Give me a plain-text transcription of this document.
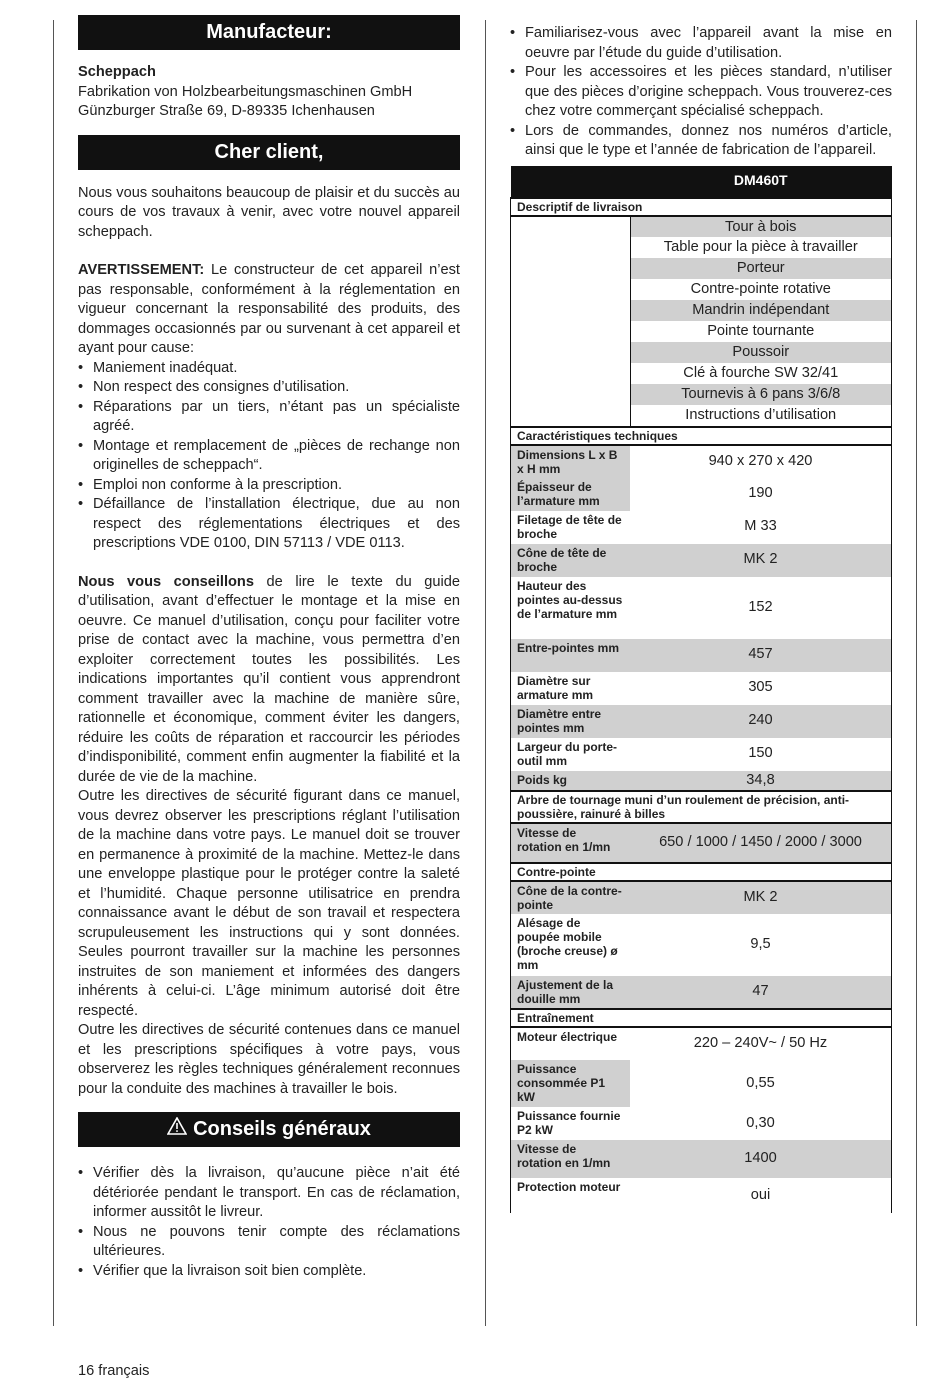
Manufacteur:
Scheppach
Fabrikation von Holzbearbeitungsmaschinen GmbH
Günzburger Straße 69, D-89335 Ichenhausen
Cher client,

Nous vous souhaitons beaucoup de plaisir et du succès au cours de vos travaux à venir, avec votre nouvel appareil scheppach.

AVERTISSEMENT: Le constructeur de cet appareil n’est pas responsable, conformément à la réglementation en vigueur concernant la responsabilité des produits, des dommages occasionnés par ou survenant à cet appareil et ayant pour cause:

• Maniement inadéquat.
• Non respect des consignes d’utilisation.
• Réparations par un tiers, n’étant pas un spécialiste agréé.
• Montage et remplacement de „pièces de rechange non originelles de scheppach“.
• Emploi non conforme à la prescription.
• Défaillance de l’installation électrique, due au non respect des réglementations électriques et des prescriptions VDE 0100, DIN 57113 / VDE 0113.

Nous vous conseillons de lire le texte du guide d’utilisation, avant d’effectuer le montage et la mise en oeuvre. Ce manuel d’utilisation, conçu pour faciliter votre prise de contact avec la machine, vous permettra d’en exploiter correctement toutes les possibilités. Les indications importantes qu’il contient vous apprendront comment travailler avec la machine de manière sûre, rationnelle et économique, comment éviter les dangers, réduire les coûts de réparation et raccourcir les périodes d’indisponibilité, comment enfin augmenter la fiabilité et la durée de vie de la machine.

Outre les directives de sécurité figurant dans ce manuel, vous devrez observer les prescriptions réglant l’utilisation de la machine dans votre pays. Le manuel doit se trouver en permanence à proximité de la machine. Mettez-le dans une enveloppe plastique pour le protéger contre la saleté et l’humidité. Chaque personne utilisatrice en prendra connaissance avant le début de son travail et respectera scrupuleusement les instructions qui y sont données. Seules pourront travailler sur la machine les personnes instruites de son maniement et informées des dangers inhérents à celui-ci. L’âge minimum autorisé doit être respecté.

Outre les directives de sécurité contenues dans ce manuel et les prescriptions spécifiques à votre pays, vous observerez les règles techniques généralement reconnues pour la conduite des machines à travailler le bois.

Conseils généraux
• Vérifier dès la livraison, qu’aucune pièce n’ait été détériorée pendant le transport. En cas de réclamation, informer aussitôt le livreur.
• Nous ne pouvons tenir compte des réclamations ultérieures.
• Vérifier que la livraison soit bien complète.
• Familiarisez-vous avec l’appareil avant la mise en oeuvre par l’étude du guide d’utilisation.
• Pour les accessoires et les pièces standard, n’utiliser que des pièces d’origine scheppach. Vous trouverez-ces chez votre commerçant spécialisé scheppach.
• Lors de commandes, donnez nos numéros d’article, ainsi que le type et l’année de fabrication de l’appareil.
	DM460T
Descriptif de livraison	
	Tour à bois
	Table pour la pièce à travailler
	Porteur
	Contre-pointe rotative
	Mandrin indépendant
	Pointe tournante
	Poussoir
	Clé à fourche SW 32/41
	Tournevis à 6 pans 3/6/8
	Instructions d’utilisation

Caractéristiques techniques	
Dimensions L x B x H mm	940 x 270 x 420
Épaisseur de l’armature mm	190
Filetage de tête de broche	M 33
Cône de tête de broche	MK 2
Hauteur des pointes au-dessus de l’armature mm	152
Entre-pointes mm	457
Diamètre sur armature mm	305
Diamètre entre pointes mm	240
Largeur du porte-outil mm	150
Poids kg	34,8
Arbre de tournage muni d’un roulement de précision, anti-poussière, rainuré à billes	
Vitesse de rotation en 1/mn	650 / 1000 / 1450 / 2000 / 3000
Contre-pointe	
Cône de la contre-pointe	MK 2
Alésage de poupée mobile (broche creuse) ø mm	9,5
Ajustement de la douille mm	47
Entraînement	
Moteur électrique	220 – 240V~ / 50 Hz
Puissance consommée P1 kW	0,55
Puissance fournie P2 kW	0,30
Vitesse de rotation en 1/mn	1400
Protection moteur	oui
16 français
